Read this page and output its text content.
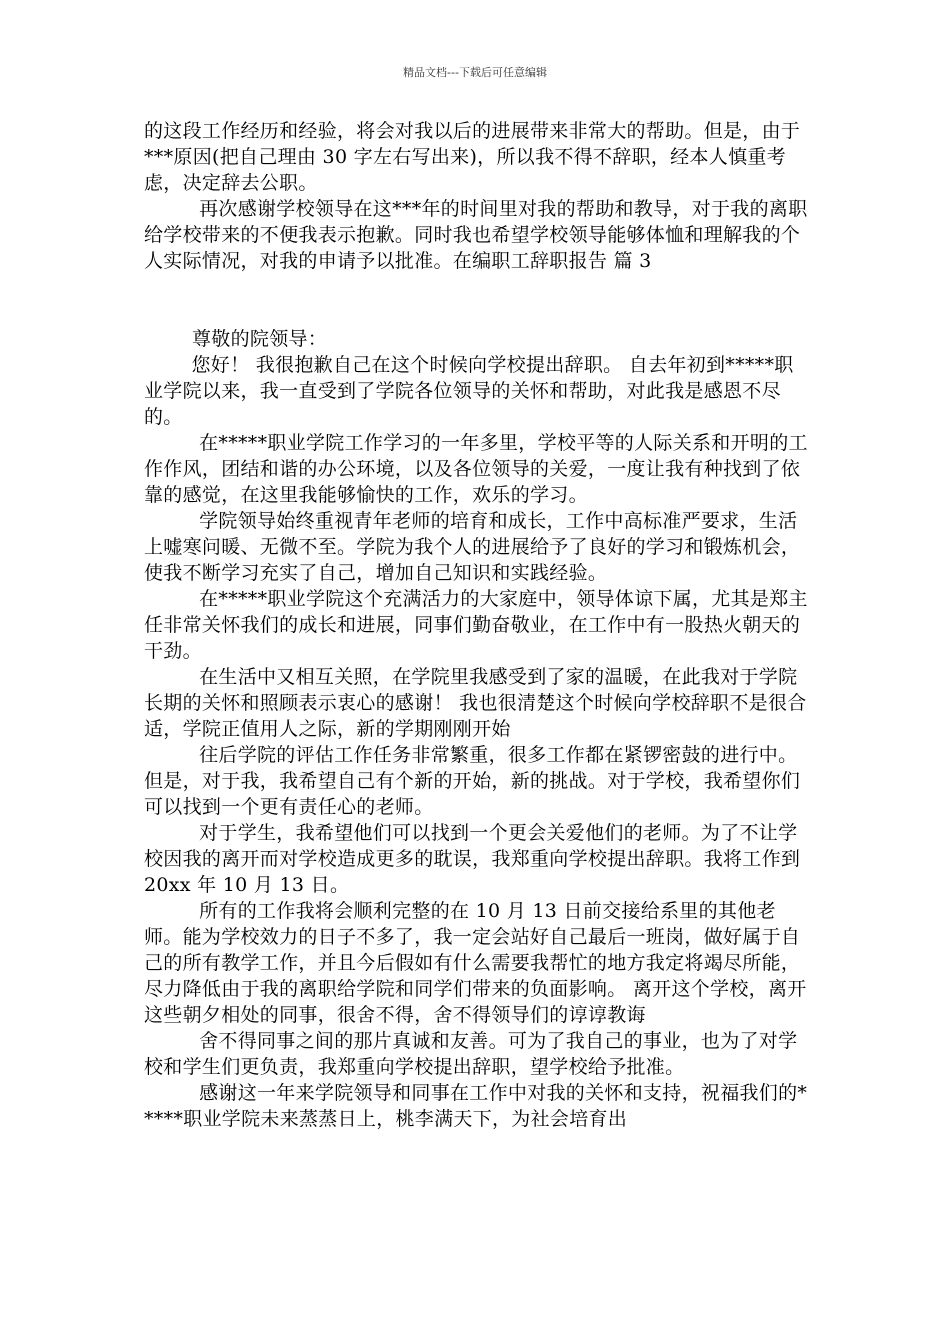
精品文档---下载后可任意编辑

的这段工作经历和经验，将会对我以后的进展带来非常大的帮助。但是，由于***原因(把自己理由 30 字左右写出来)，所以我不得不辞职，经本人慎重考虑，决定辞去公职。

再次感谢学校领导在这***年的时间里对我的帮助和教导，对于我的离职给学校带来的不便我表示抱歉。同时我也希望学校领导能够体恤和理解我的个人实际情况，对我的申请予以批准。在编职工辞职报告 篇 3

尊敬的院领导：

您好！ 我很抱歉自己在这个时候向学校提出辞职。 自去年初到*****职业学院以来，我一直受到了学院各位领导的关怀和帮助，对此我是感恩不尽的。

在*****职业学院工作学习的一年多里，学校平等的人际关系和开明的工作作风，团结和谐的办公环境，以及各位领导的关爱，一度让我有种找到了依靠的感觉，在这里我能够愉快的工作，欢乐的学习。

学院领导始终重视青年老师的培育和成长，工作中高标准严要求，生活上嘘寒问暖、无微不至。学院为我个人的进展给予了良好的学习和锻炼机会，使我不断学习充实了自己，增加自己知识和实践经验。

在*****职业学院这个充满活力的大家庭中，领导体谅下属，尤其是郑主任非常关怀我们的成长和进展，同事们勤奋敬业，在工作中有一股热火朝天的干劲。

在生活中又相互关照，在学院里我感受到了家的温暖，在此我对于学院长期的关怀和照顾表示衷心的感谢！ 我也很清楚这个时候向学校辞职不是很合适，学院正值用人之际，新的学期刚刚开始

往后学院的评估工作任务非常繁重，很多工作都在紧锣密鼓的进行中。但是，对于我，我希望自己有个新的开始，新的挑战。对于学校，我希望你们可以找到一个更有责任心的老师。

对于学生，我希望他们可以找到一个更会关爱他们的老师。为了不让学校因我的离开而对学校造成更多的耽误，我郑重向学校提出辞职。我将工作到 20xx 年 10 月 13 日。

所有的工作我将会顺利完整的在 10 月 13 日前交接给系里的其他老师。能为学校效力的日子不多了，我一定会站好自己最后一班岗，做好属于自己的所有教学工作，并且今后假如有什么需要我帮忙的地方我定将竭尽所能，尽力降低由于我的离职给学院和同学们带来的负面影响。 离开这个学校，离开这些朝夕相处的同事，很舍不得，舍不得领导们的谆谆教诲

舍不得同事之间的那片真诚和友善。可为了我自己的事业，也为了对学校和学生们更负责，我郑重向学校提出辞职，望学校给予批准。

感谢这一年来学院领导和同事在工作中对我的关怀和支持，祝福我们的*****职业学院未来蒸蒸日上，桃李满天下，为社会培育出
